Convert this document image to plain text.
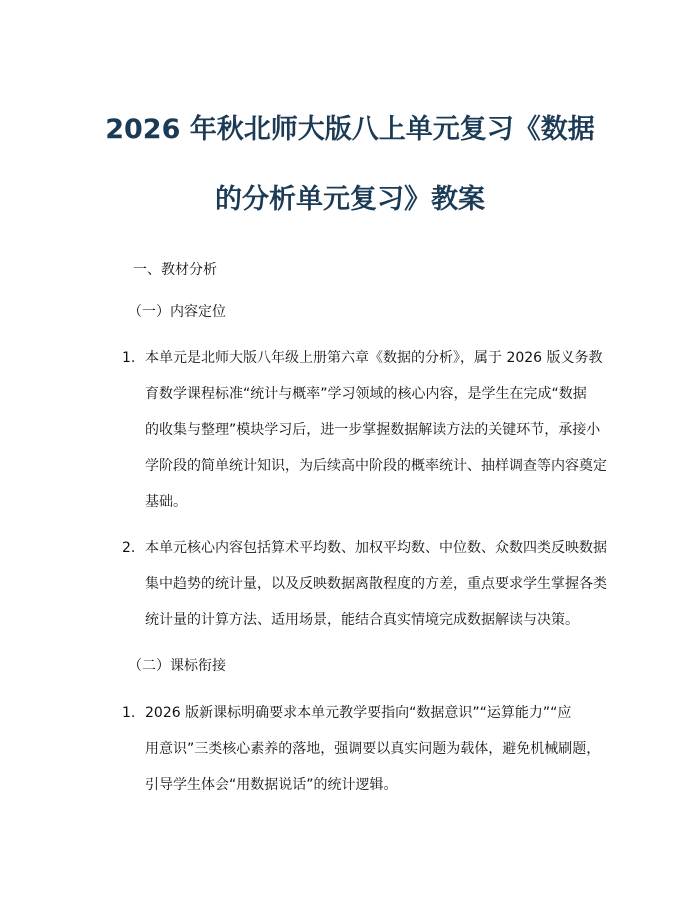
2026 年秋北师大版八上单元复习《数据
的分析单元复习》教案
一、教材分析
（一）内容定位
1. 本单元是北师大版八年级上册第六章《数据的分析》，属于 2026 版义务教
育数学课程标准“统计与概率”学习领域的核心内容，是学生在完成“数据
的收集与整理”模块学习后，进一步掌握数据解读方法的关键环节，承接小
学阶段的简单统计知识，为后续高中阶段的概率统计、抽样调查等内容奠定
基础。
2. 本单元核心内容包括算术平均数、加权平均数、中位数、众数四类反映数据
集中趋势的统计量，以及反映数据离散程度的方差，重点要求学生掌握各类
统计量的计算方法、适用场景，能结合真实情境完成数据解读与决策。
（二）课标衔接
1. 2026 版新课标明确要求本单元教学要指向“数据意识”“运算能力”“应
用意识”三类核心素养的落地，强调要以真实问题为载体，避免机械刷题，
引导学生体会“用数据说话”的统计逻辑。
